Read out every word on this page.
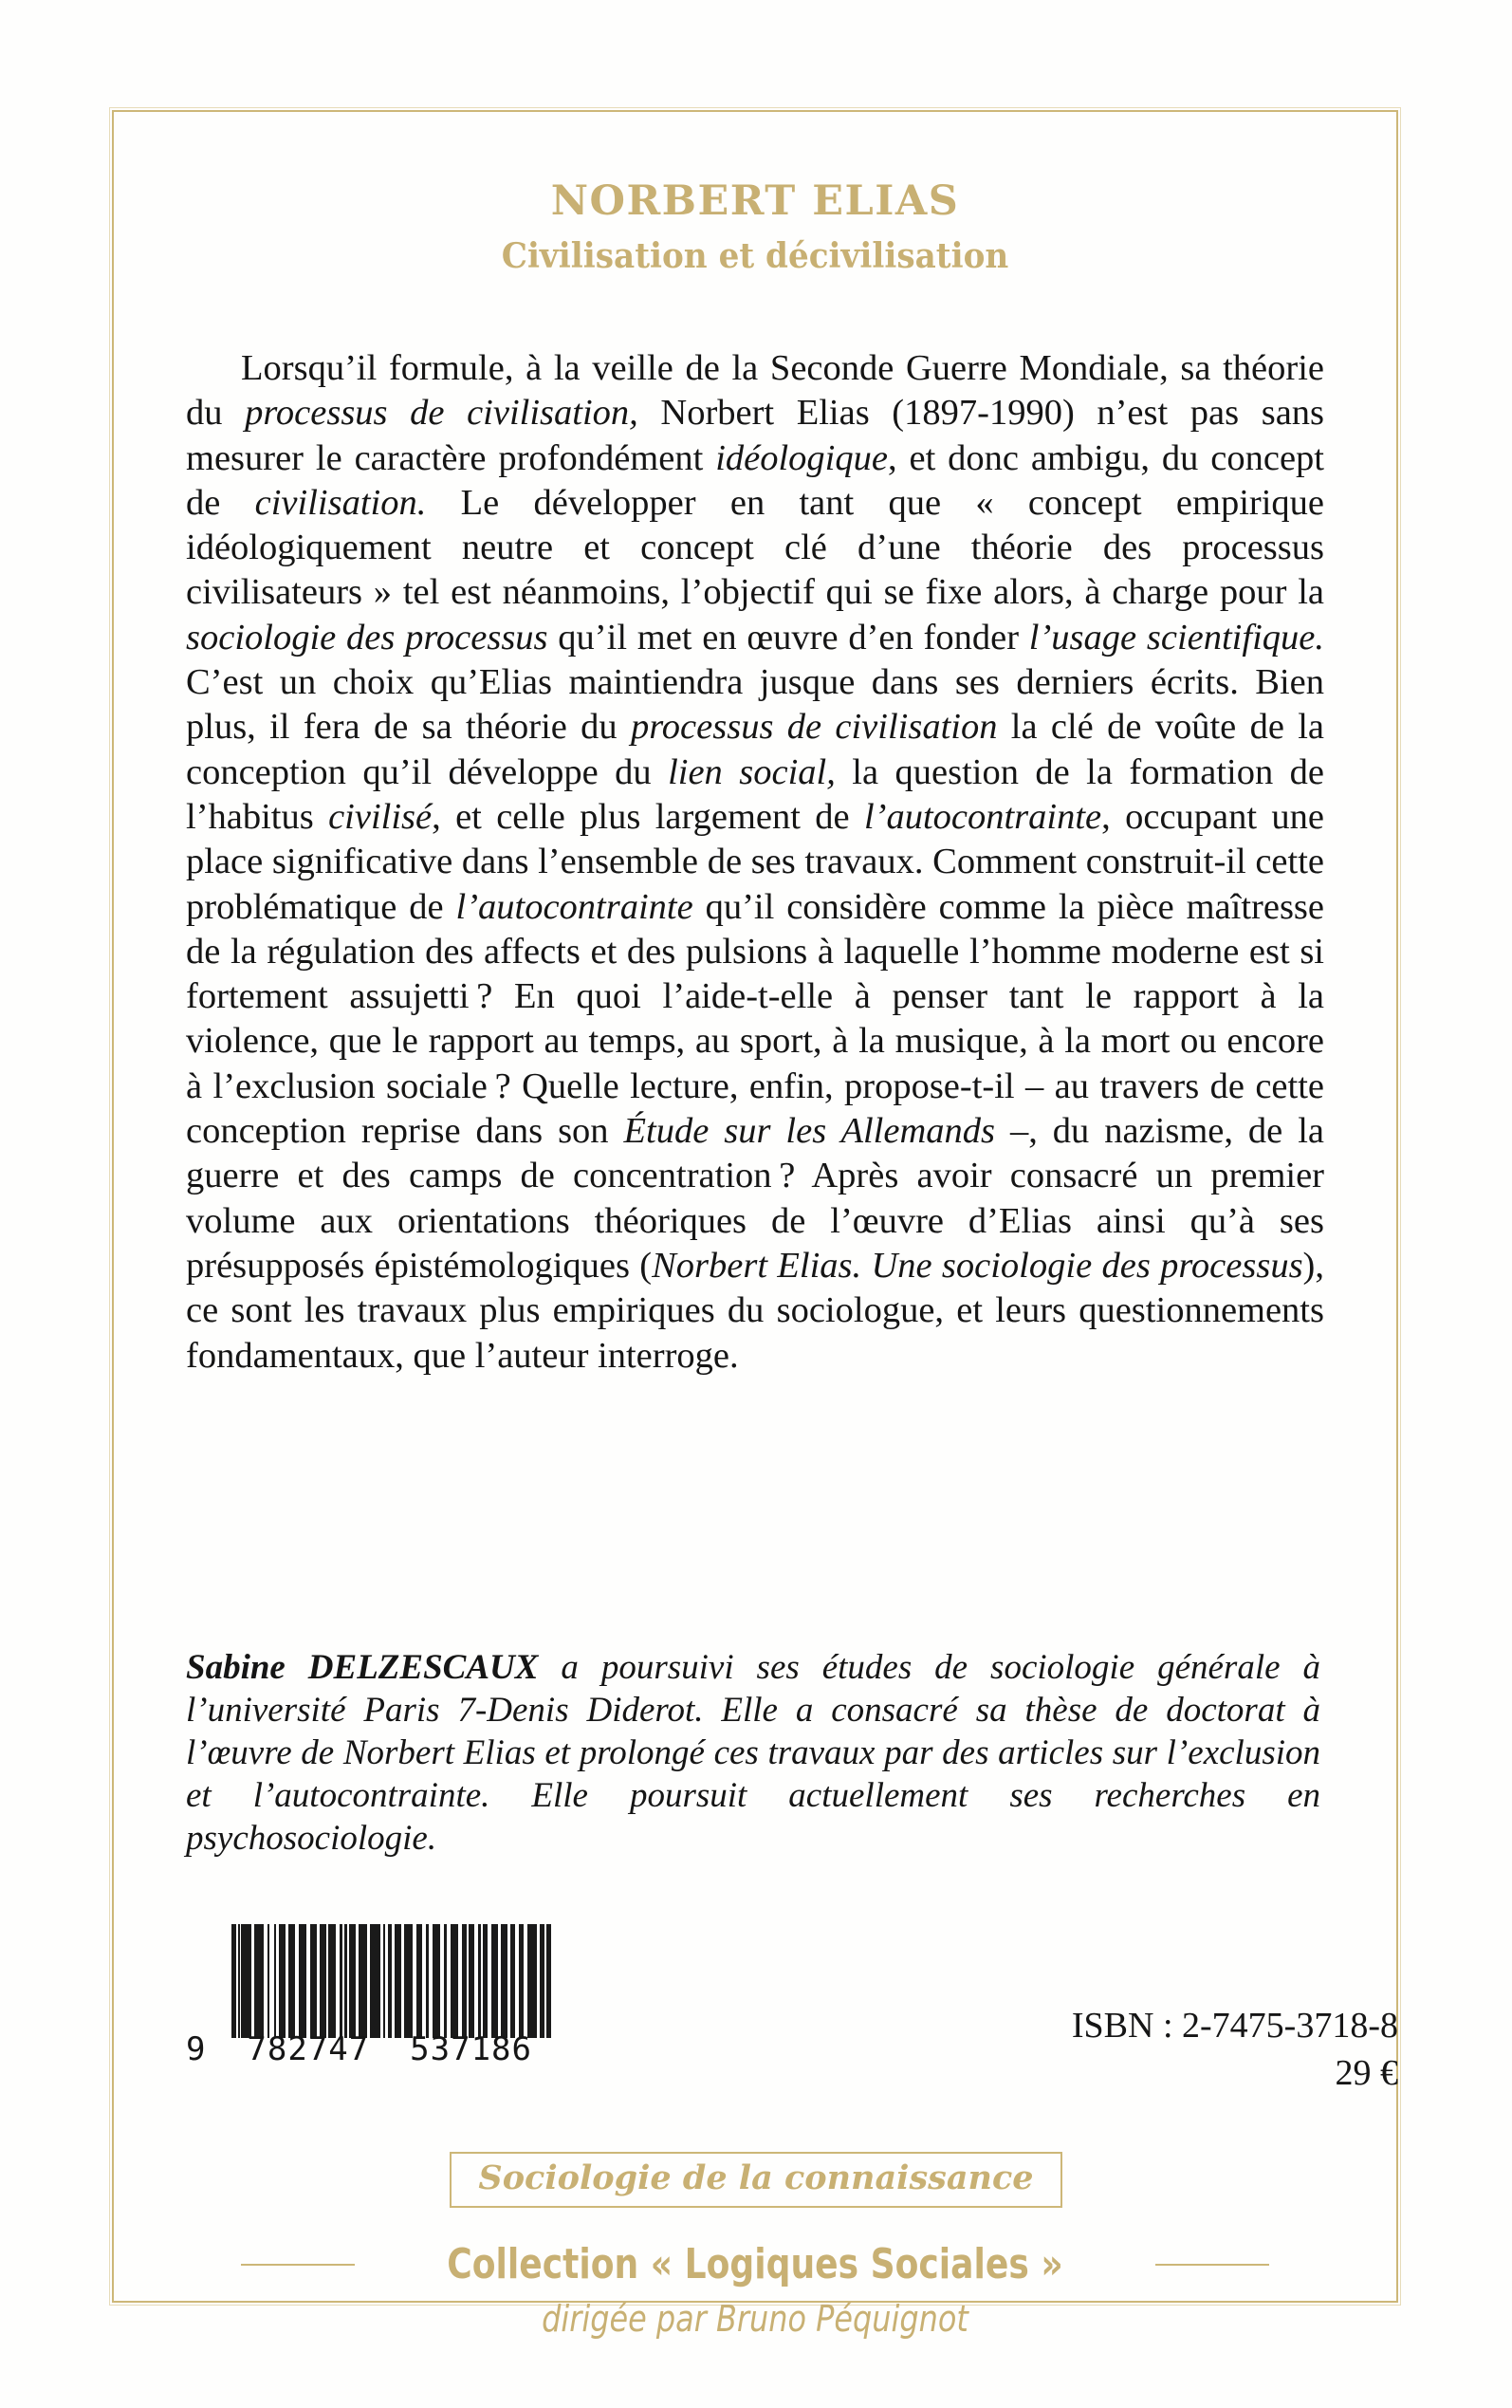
NORBERT ELIAS
Civilisation et décivilisation
Lorsqu’il formule, à la veille de la Seconde Guerre Mondiale, sa théorie du processus de civilisation, Norbert Elias (1897-1990) n’est pas sans mesurer le caractère profondément idéologique, et donc ambigu, du concept de civilisation. Le développer en tant que « concept empirique idéologiquement neutre et concept clé d’une théorie des processus civilisateurs » tel est néanmoins, l’objectif qui se fixe alors, à charge pour la sociologie des processus qu’il met en œuvre d’en fonder l’usage scientifique. C’est un choix qu’Elias maintiendra jusque dans ses derniers écrits. Bien plus, il fera de sa théorie du processus de civilisation la clé de voûte de la conception qu’il développe du lien social, la question de la formation de l’habitus civilisé, et celle plus largement de l’autocontrainte, occupant une place significative dans l’ensemble de ses travaux. Comment construit-il cette problématique de l’autocontrainte qu’il considère comme la pièce maîtresse de la régulation des affects et des pulsions à laquelle l’homme moderne est si fortement assujetti ? En quoi l’aide-t-elle à penser tant le rapport à la violence, que le rapport au temps, au sport, à la musique, à la mort ou encore à l’exclusion sociale ? Quelle lecture, enfin, propose-t-il – au travers de cette conception reprise dans son Étude sur les Allemands –, du nazisme, de la guerre et des camps de concentration ? Après avoir consacré un premier volume aux orientations théoriques de l’œuvre d’Elias ainsi qu’à ses présupposés épistémologiques (Norbert Elias. Une sociologie des processus), ce sont les travaux plus empiriques du sociologue, et leurs questionnements fondamentaux, que l’auteur interroge.
Sabine DELZESCAUX a poursuivi ses études de sociologie générale à l’université Paris 7-Denis Diderot. Elle a consacré sa thèse de doctorat à l’œuvre de Norbert Elias et prolongé ces travaux par des articles sur l’exclusion et l’autocontrainte. Elle poursuit actuellement ses recherches en psychosociologie.
9  782747  537186
ISBN : 2-7475-3718-8
29 €
Sociologie de la connaissance
Collection « Logiques Sociales »
dirigée par Bruno Péquignot
